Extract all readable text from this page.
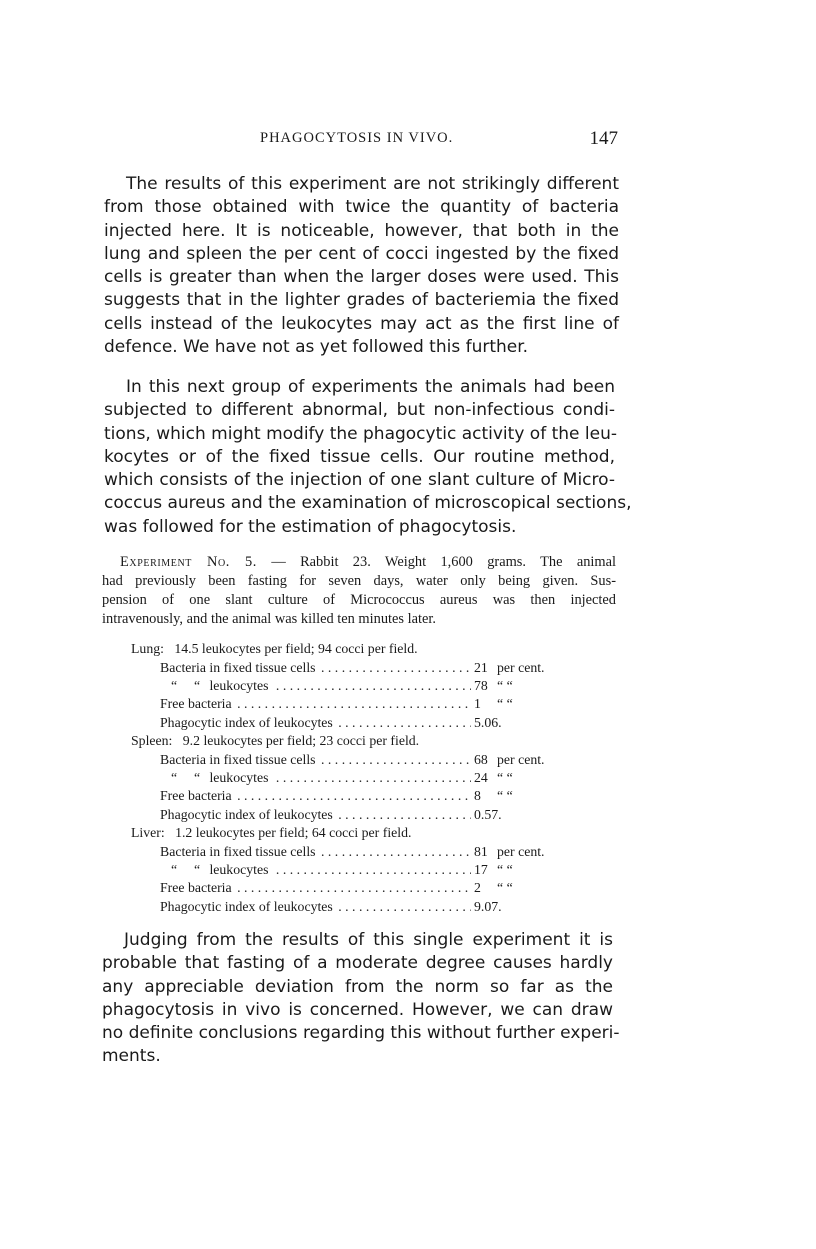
PHAGOCYTOSIS IN VIVO.	147
The results of this experiment are not strikingly different
from those obtained with twice the quantity of bacteria
injected here. It is noticeable, however, that both in the
lung and spleen the per cent of cocci ingested by the fixed
cells is greater than when the larger doses were used. This
suggests that in the lighter grades of bacteriemia the fixed
cells instead of the leukocytes may act as the first line of
defence. We have not as yet followed this further.
In this next group of experiments the animals had been
subjected to different abnormal, but non-infectious condi-
tions, which might modify the phagocytic activity of the leu-
kocytes or of the fixed tissue cells. Our routine method,
which consists of the injection of one slant culture of Micro-
coccus aureus and the examination of microscopical sections,
was followed for the estimation of phagocytosis.
Experiment No. 5. — Rabbit 23. Weight 1,600 grams. The animal
had previously been fasting for seven days, water only being given. Sus-
pension of one slant culture of Micrococcus aureus was then injected
intravenously, and the animal was killed ten minutes later.
Lung: 14.5 leukocytes per field; 94 cocci per field.
Bacteria in fixed tissue cells . . .	21 per cent.
“ “ leukocytes . . .	78 “ “
Free bacteria . . .	1	“ “
Phagocytic index of leukocytes . . .	5.06.
Spleen: 9.2 leukocytes per field; 23 cocci per field.
Bacteria in fixed tissue cells . . .	68 per cent.
“ “ leukocytes . . .	24 “ “
Free bacteria . . .	8	“ “
Phagocytic index of leukocytes . . .	0.57.
Liver: 1.2 leukocytes per field; 64 cocci per field.
Bacteria in fixed tissue cells . . .	81 per cent.
“ “ leukocytes . . .	17 “ “
Free bacteria . . .	2	“ “
Phagocytic index of leukocytes . . .	9.07.
Judging from the results of this single experiment it is
probable that fasting of a moderate degree causes hardly
any appreciable deviation from the norm so far as the
phagocytosis in vivo is concerned. However, we can draw
no definite conclusions regarding this without further experi-
ments.
